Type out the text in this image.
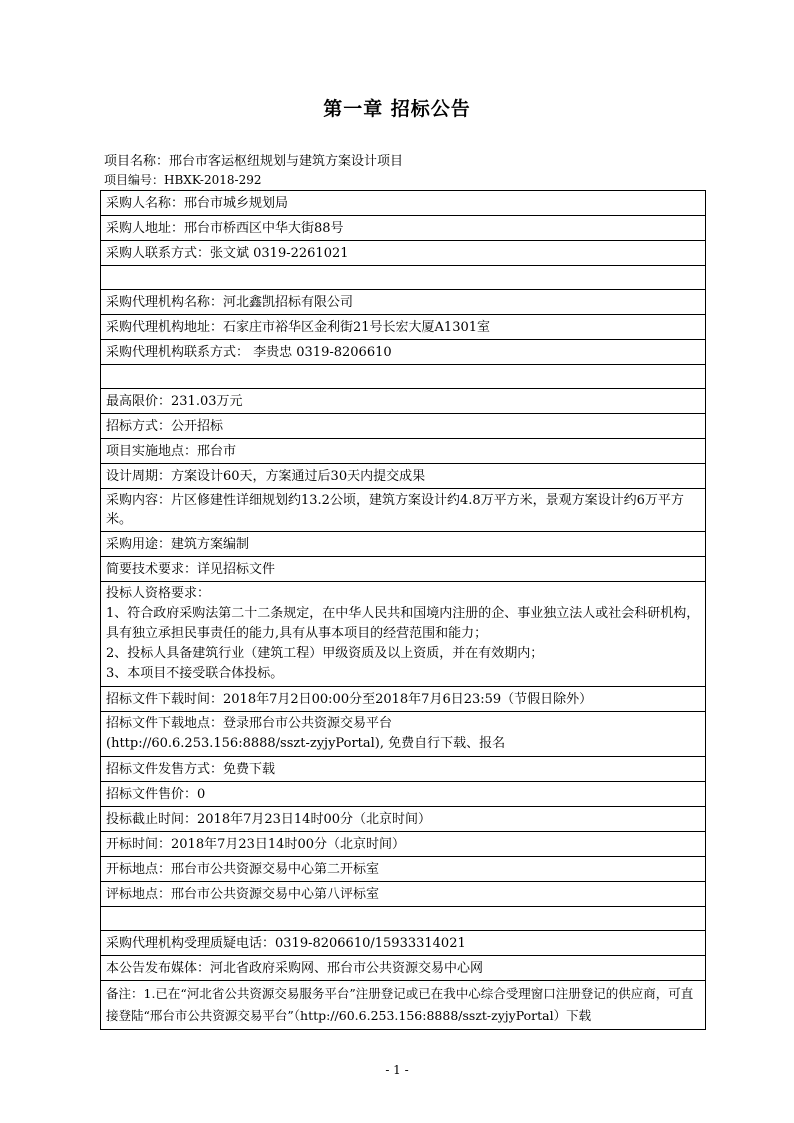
第一章 招标公告
项目名称：邢台市客运枢纽规划与建筑方案设计项目
项目编号：HBXK-2018-292
采购人名称：邢台市城乡规划局

采购人地址：邢台市桥西区中华大街88号

采购人联系方式：张文斌 0319-2261021

采购代理机构名称：河北鑫凯招标有限公司

采购代理机构地址：石家庄市裕华区金利街21号长宏大厦A1301室

采购代理机构联系方式： 李贵忠 0319-8206610

最高限价：231.03万元

招标方式：公开招标

项目实施地点：邢台市

设计周期：方案设计60天，方案通过后30天内提交成果

采购内容：片区修建性详细规划约13.2公顷，建筑方案设计约4.8万平方米，景观方案设计约6万平方米。

采购用途：建筑方案编制

简要技术要求：详见招标文件

投标人资格要求：
1、符合政府采购法第二十二条规定，在中华人民共和国境内注册的企、事业独立法人或社会科研机构，具有独立承担民事责任的能力,具有从事本项目的经营范围和能力；
2、投标人具备建筑行业（建筑工程）甲级资质及以上资质，并在有效期内；
3、本项目不接受联合体投标。

招标文件下载时间：2018年7月2日00:00分至2018年7月6日23:59（节假日除外）

招标文件下载地点：登录邢台市公共资源交易平台
(http://60.6.253.156:8888/sszt-zyjyPortal), 免费自行下载、报名

招标文件发售方式：免费下载

招标文件售价：0

投标截止时间：2018年7月23日14时00分（北京时间）

开标时间：2018年7月23日14时00分（北京时间）

开标地点：邢台市公共资源交易中心第二开标室

评标地点：邢台市公共资源交易中心第八评标室

采购代理机构受理质疑电话：0319-8206610/15933314021

本公告发布媒体：河北省政府采购网、邢台市公共资源交易中心网

备注：1.已在“河北省公共资源交易服务平台”注册登记或已在我中心综合受理窗口注册登记的供应商，可直接登陆“邢台市公共资源交易平台”（http://60.6.253.156:8888/sszt-zyjyPortal）下载
- 1 -
